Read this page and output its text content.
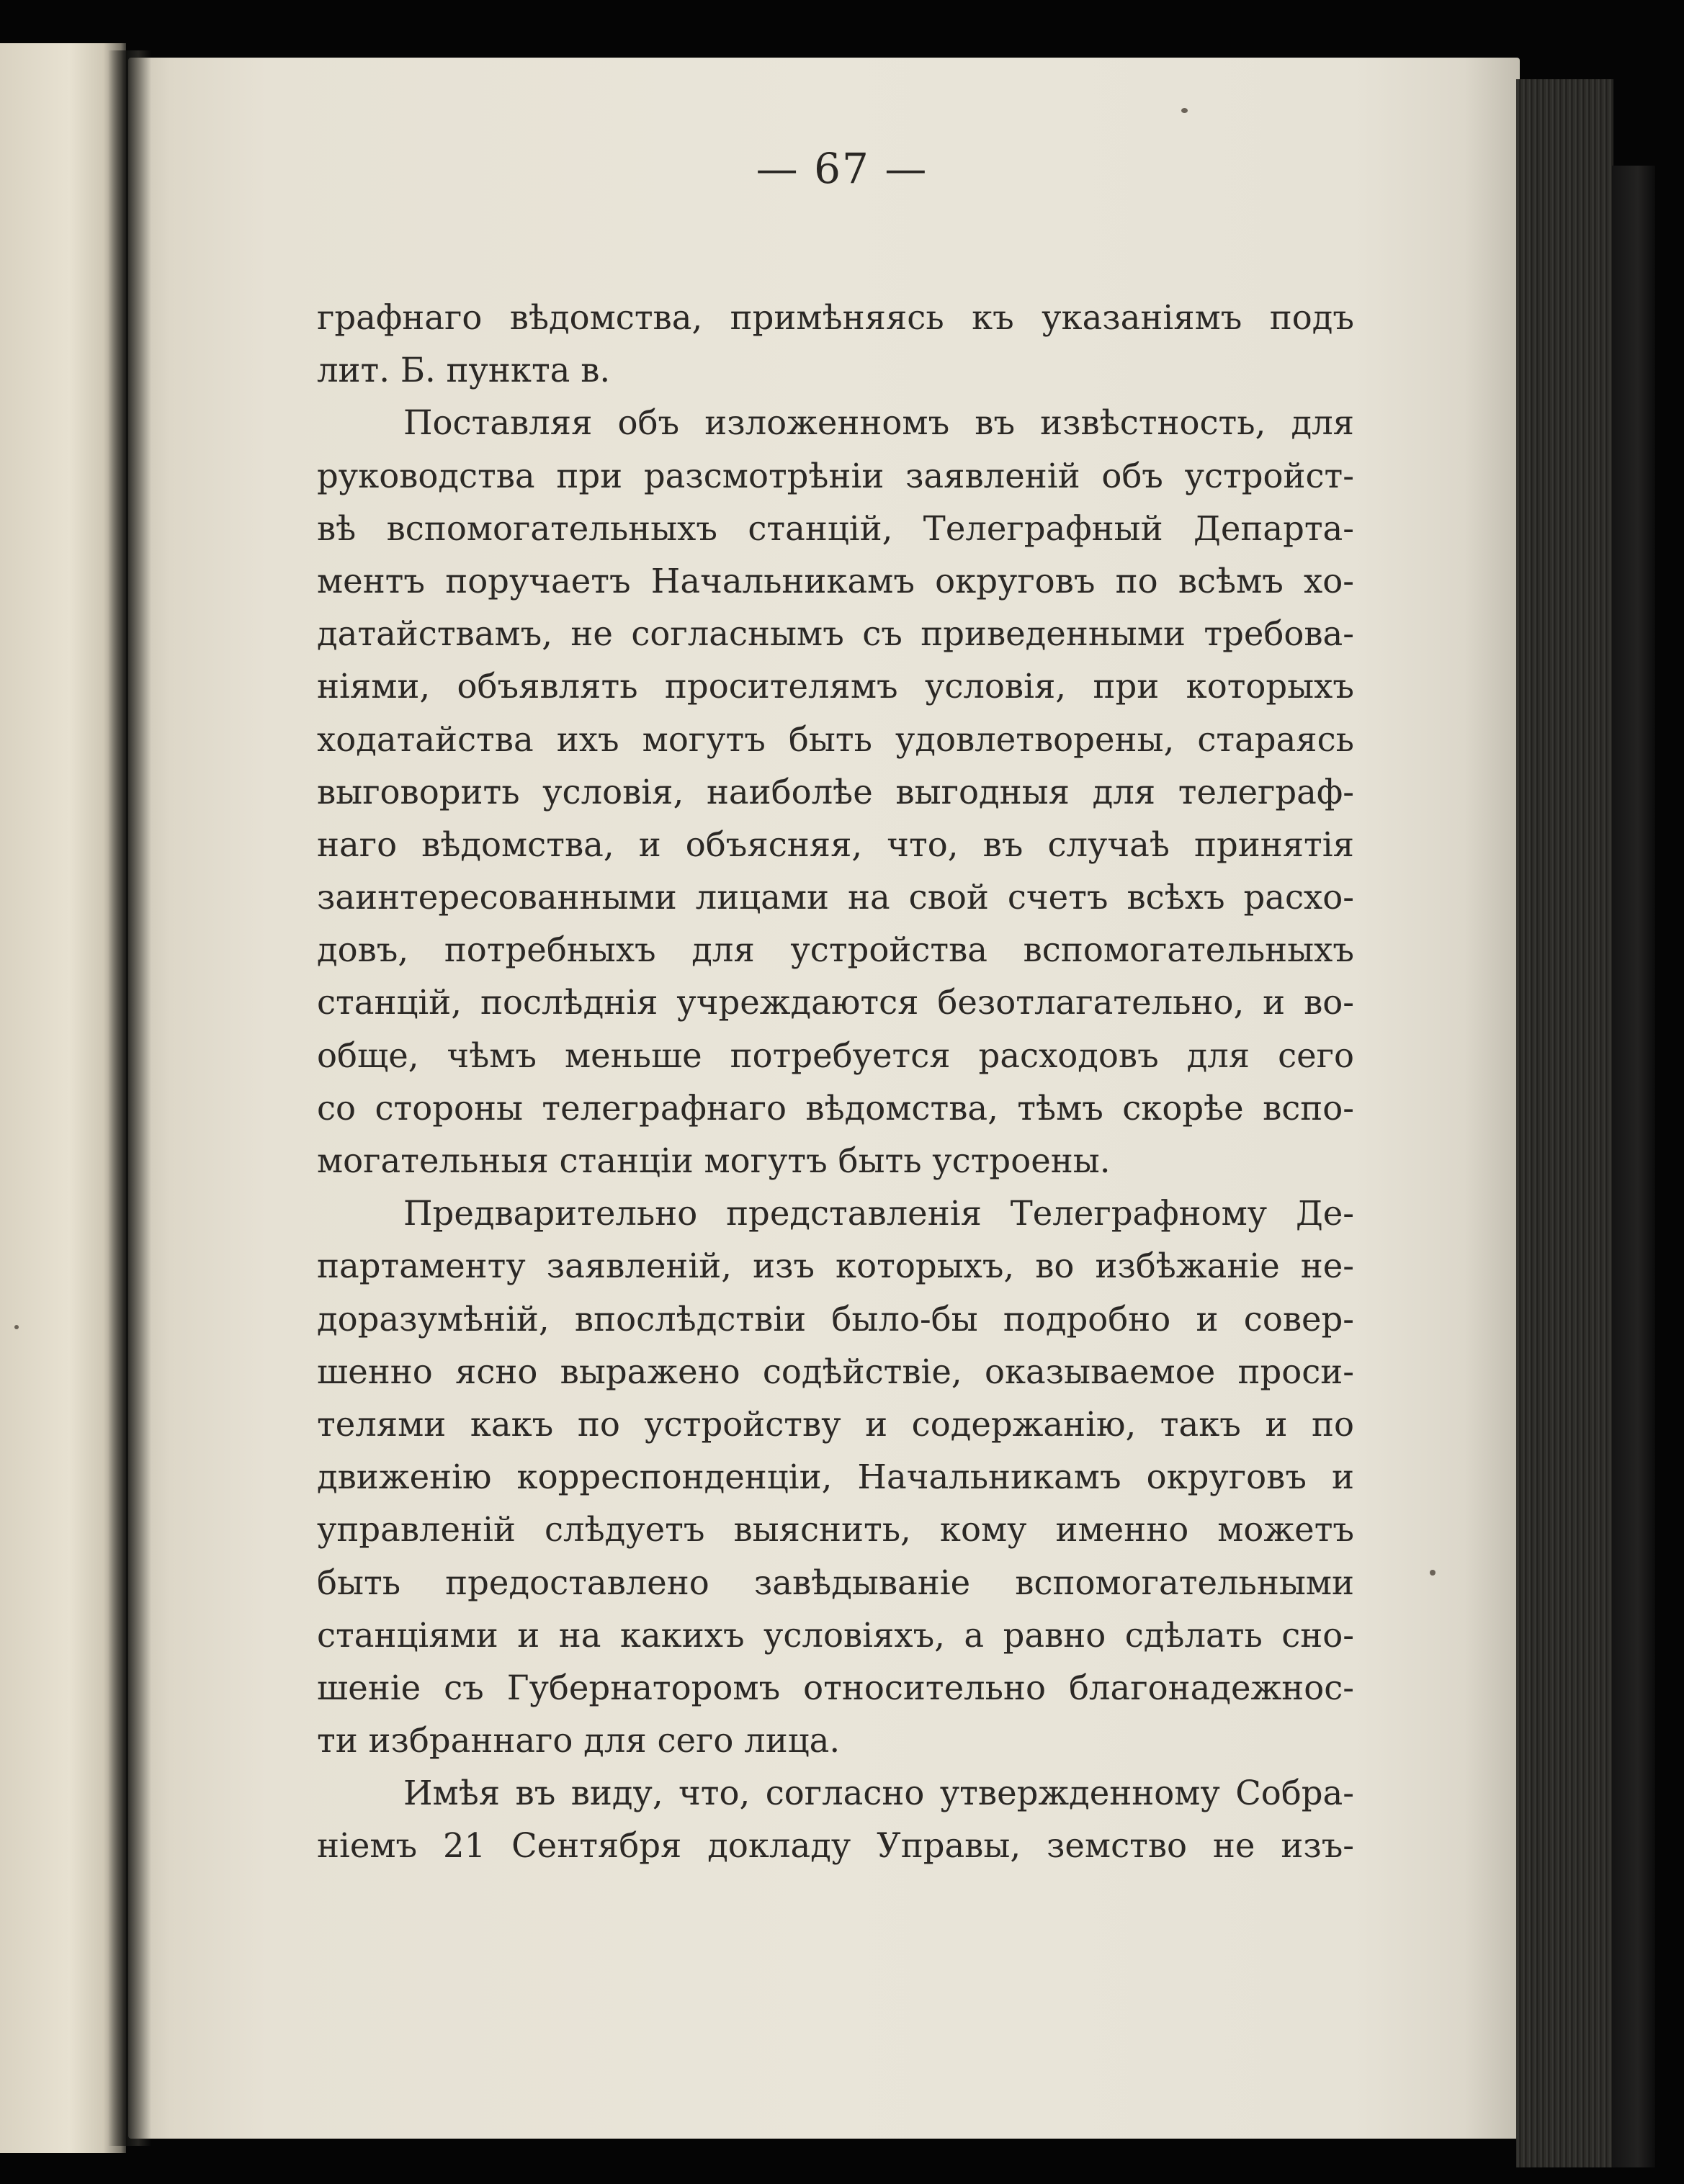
— 67 —
графнаго вѣдомства, примѣняясь къ указаніямъ подъ
лит. Б. пункта в.
Поставляя объ изложенномъ въ извѣстность, для
руководства при разсмотрѣніи заявленій объ устройст-
вѣ вспомогательныхъ станцій, Телеграфный Департа-
ментъ поручаетъ Начальникамъ округовъ по всѣмъ хо-
датайствамъ, не согласнымъ съ приведенными требова-
ніями, объявлять просителямъ условія, при которыхъ
ходатайства ихъ могутъ быть удовлетворены, стараясь
выговорить условія, наиболѣе выгодныя для телеграф-
наго вѣдомства, и объясняя, что, въ случаѣ принятія
заинтересованными лицами на свой счетъ всѣхъ расхо-
довъ, потребныхъ для устройства вспомогательныхъ
станцій, послѣднія учреждаются безотлагательно, и во-
обще, чѣмъ меньше потребуется расходовъ для сего
со стороны телеграфнаго вѣдомства, тѣмъ скорѣе вспо-
могательныя станціи могутъ быть устроены.
Предварительно представленія Телеграфному Де-
партаменту заявленій, изъ которыхъ, во избѣжаніе не-
доразумѣній, впослѣдствіи было-бы подробно и совер-
шенно ясно выражено содѣйствіе, оказываемое проси-
телями какъ по устройству и содержанію, такъ и по
движенію корреспонденціи, Начальникамъ округовъ и
управленій слѣдуетъ выяснить, кому именно можетъ
быть предоставлено завѣдываніе вспомогательными
станціями и на какихъ условіяхъ, а равно сдѣлать сно-
шеніе съ Губернаторомъ относительно благонадежнос-
ти избраннаго для сего лица.
Имѣя въ виду, что, согласно утвержденному Собра-
ніемъ 21 Сентября докладу Управы, земство не изъ-
